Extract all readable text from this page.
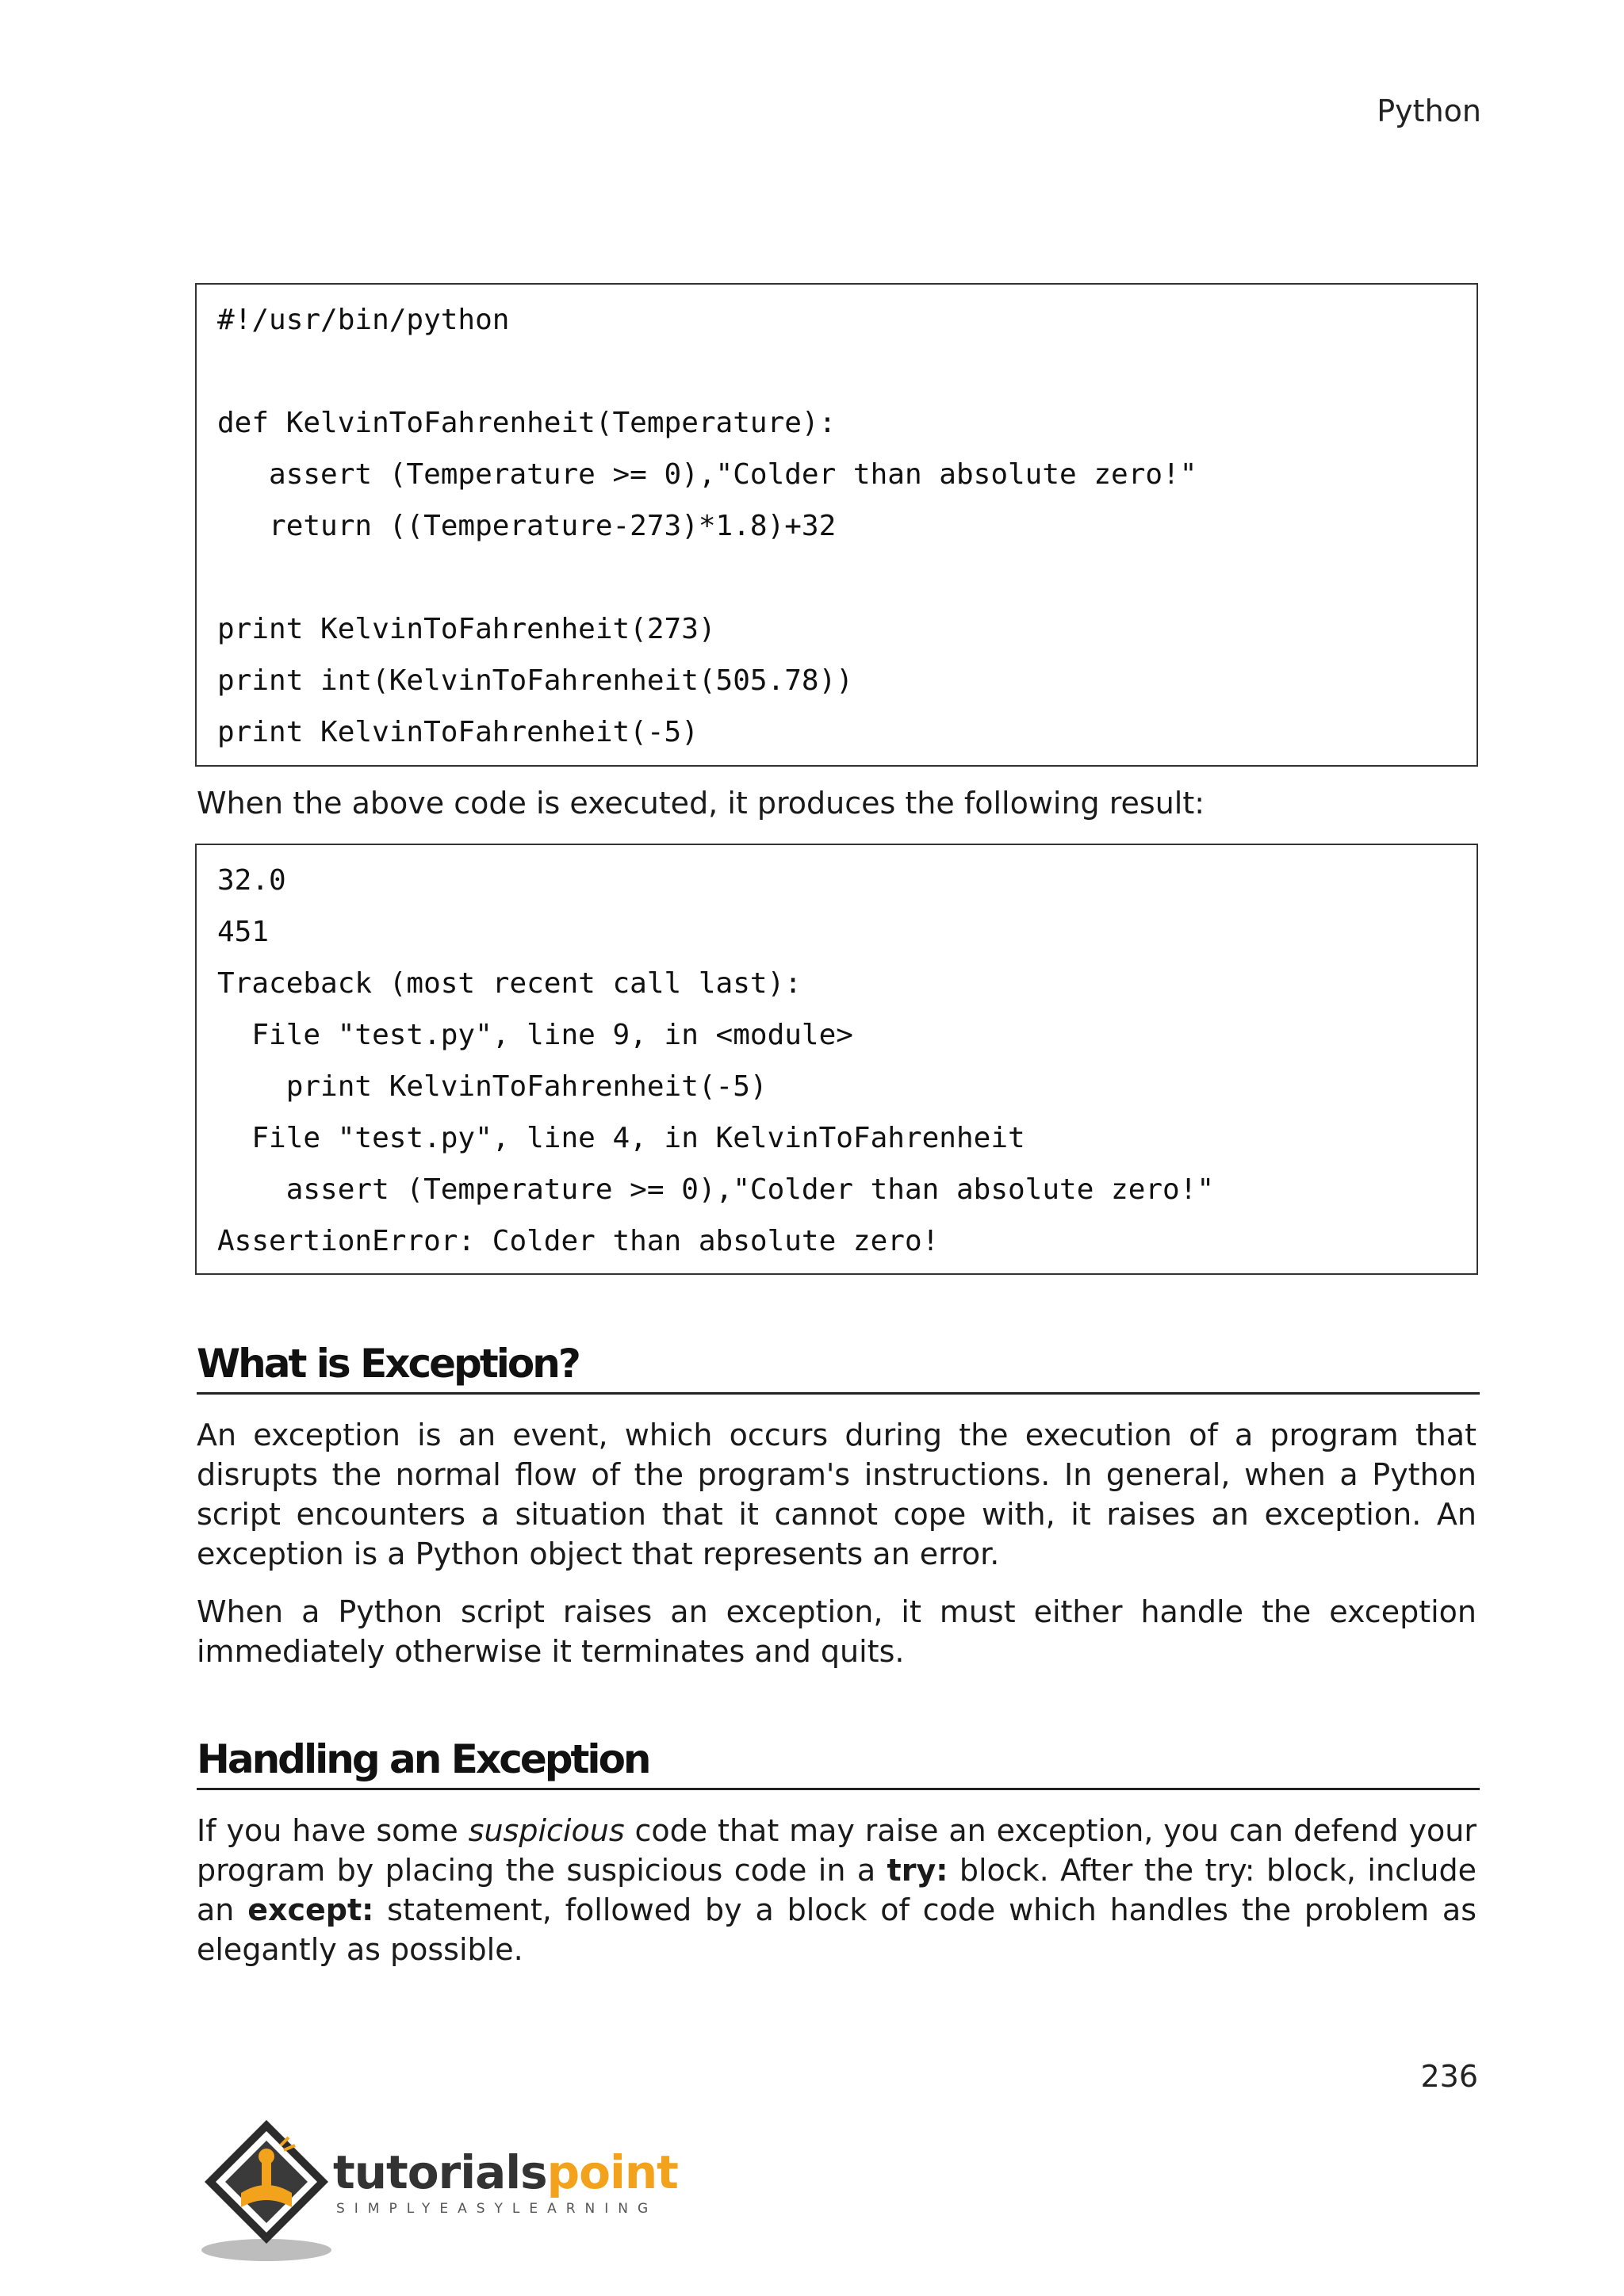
Python
#!/usr/bin/python
def KelvinToFahrenheit(Temperature):
assert (Temperature >= 0),"Colder than absolute zero!"
return ((Temperature-273)*1.8)+32
print KelvinToFahrenheit(273)
print int(KelvinToFahrenheit(505.78))
print KelvinToFahrenheit(-5)
When the above code is executed, it produces the following result:
32.0
451
Traceback (most recent call last):
File "test.py", line 9, in <module>
print KelvinToFahrenheit(-5)
File "test.py", line 4, in KelvinToFahrenheit
assert (Temperature >= 0),"Colder than absolute zero!"
AssertionError: Colder than absolute zero!
What is Exception?
An exception is an event, which occurs during the execution of a program that disrupts the normal flow of the program's instructions. In general, when a Python script encounters a situation that it cannot cope with, it raises an exception. An exception is a Python object that represents an error.
When a Python script raises an exception, it must either handle the exception immediately otherwise it terminates and quits.
Handling an Exception
If you have some suspicious code that may raise an exception, you can defend your program by placing the suspicious code in a try: block. After the try: block, include an except: statement, followed by a block of code which handles the problem as elegantly as possible.
236
tutorialspoint
SIMPLYEASYLEARNING
